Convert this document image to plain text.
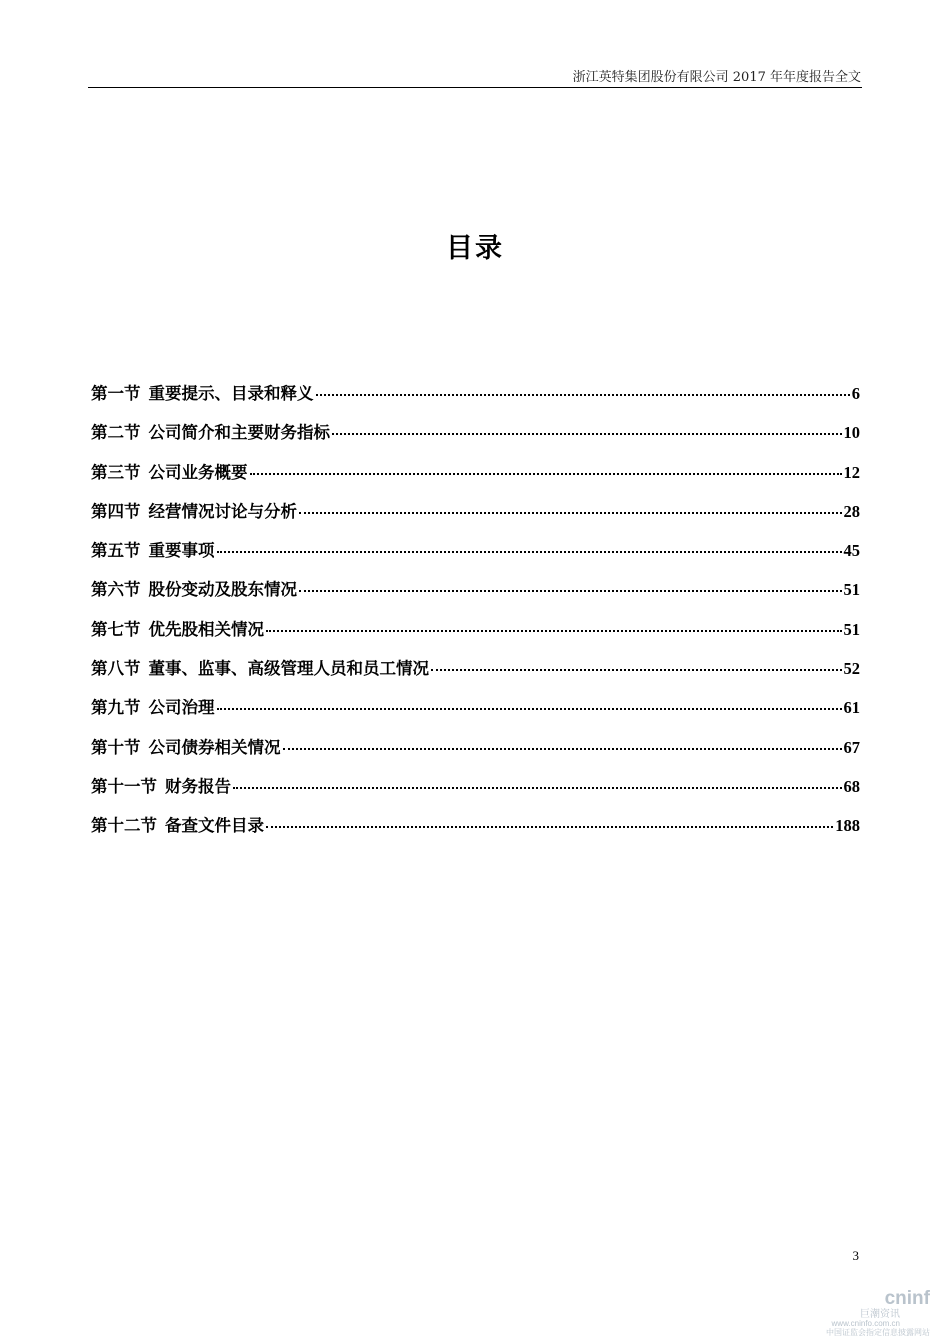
浙江英特集团股份有限公司 2017 年年度报告全文
目录
第一节 重要提示、目录和释义	6
第二节 公司简介和主要财务指标	10
第三节 公司业务概要	12
第四节 经营情况讨论与分析	28
第五节 重要事项	45
第六节 股份变动及股东情况	51
第七节 优先股相关情况	51
第八节 董事、监事、高级管理人员和员工情况	52
第九节 公司治理	61
第十节 公司债券相关情况	67
第十一节 财务报告	68
第十二节 备查文件目录	188
3
cninf
巨潮资讯
www.cninfo.com.cn
中国证监会指定信息披露网站
